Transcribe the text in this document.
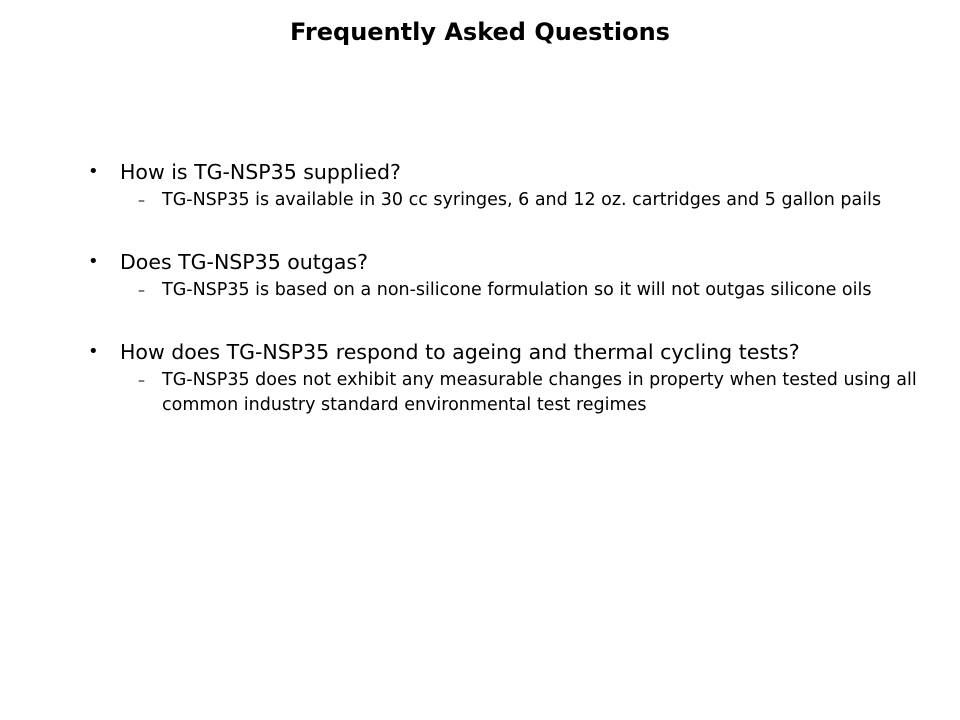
Frequently Asked Questions
• How is TG-NSP35 supplied?
– TG-NSP35 is available in 30 cc syringes, 6 and 12 oz. cartridges and 5 gallon pails
• Does TG-NSP35 outgas?
– TG-NSP35 is based on a non-silicone formulation so it will not outgas silicone oils
• How does TG-NSP35 respond to ageing and thermal cycling tests?
– TG-NSP35 does not exhibit any measurable changes in property when tested using all common industry standard environmental test regimes
